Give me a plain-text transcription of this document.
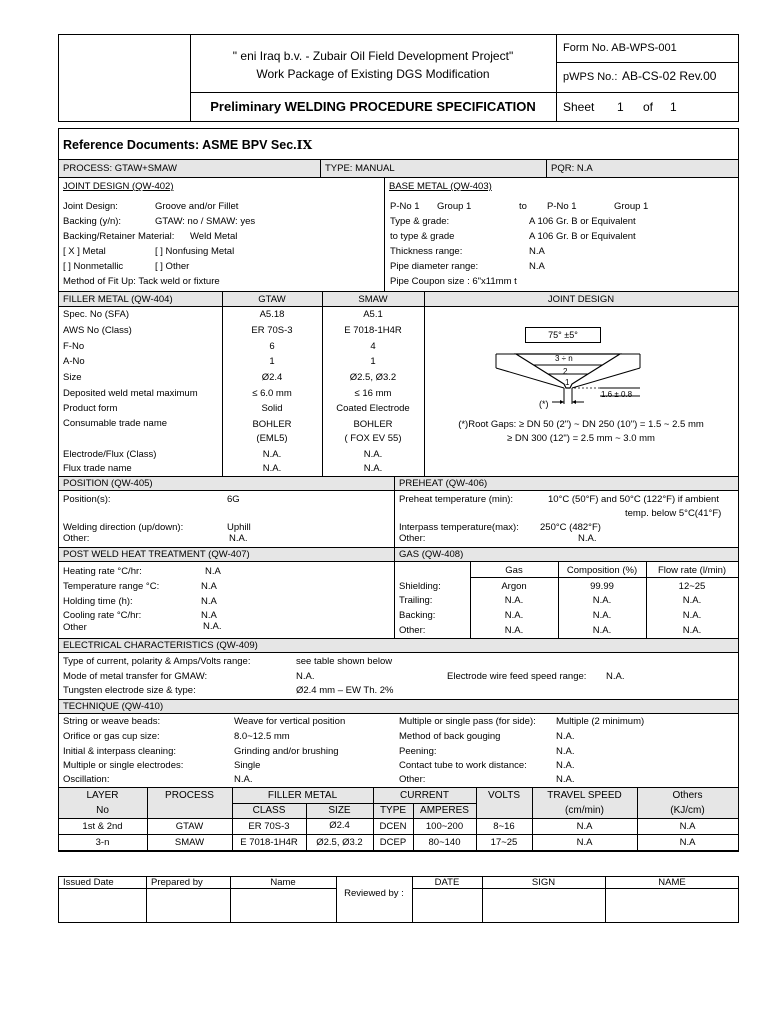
" eni Iraq b.v. - Zubair Oil Field Development Project"
Work Package of Existing DGS Modification
Preliminary WELDING PROCEDURE SPECIFICATION
Form No. AB-WPS-001
pWPS No.: AB-CS-02 Rev.00
Sheet 1 of 1
Reference Documents: ASME BPV Sec.IX
PROCESS: GTAW+SMAW	TYPE: MANUAL	PQR: N.A
JOINT DESIGN (QW-402)	BASE METAL (QW-403)
Joint Design:	Groove and/or Fillet
Backing (y/n):	GTAW: no / SMAW: yes
Backing/Retainer Material: Weld Metal
[ X ] Metal	[ ] Nonfusing Metal
[ ] Nonmetallic	[ ] Other
Method of Fit Up: Tack weld or fixture
P-No 1 Group 1	to P-No 1	Group 1
Type & grade:	A 106 Gr. B or Equivalent
to type & grade	A 106 Gr. B or Equivalent
Thickness range:	N.A
Pipe diameter range:	N.A
Pipe Coupon size : 6"x11mm t
FILLER METAL (QW-404)	GTAW	SMAW	JOINT DESIGN
Spec. No (SFA)	A5.18	A5.1
AWS No (Class)	ER 70S-3	E 7018-1H4R
F-No	6	4
A-No	1	1
Size	Ø2.4	Ø2.5, Ø3.2
Deposited weld metal maximum	≤ 6.0 mm	≤ 16 mm
Product form	Solid	Coated Electrode
Consumable trade name	BOHLER	BOHLER
(EML5)	( FOX EV 55)
Electrode/Flux (Class)	N.A.	N.A.
Flux trade name	N.A.	N.A.
75° ±5°
3 ÷ n
2
1
1.6 ± 0.8
(*)
(*)Root Gaps: ≥ DN 50 (2") ~ DN 250 (10") = 1.5 ~ 2.5 mm
≥ DN 300 (12") = 2.5 mm ~ 3.0 mm
POSITION (QW-405)	PREHEAT (QW-406)
Position(s):	6G
Welding direction (up/down):	Uphill
Other:	N.A.
Preheat temperature (min):	10°C (50°F) and 50°C (122°F) if ambient
temp. below 5°C(41°F)
Interpass temperature(max): 250°C (482°F)
Other:	N.A.
POST WELD HEAT TREATMENT (QW-407)	GAS (QW-408)
Heating rate °C/hr:	N.A
Temperature range °C:	N.A
Holding time (h):	N.A
Cooling rate °C/hr:	N.A
Other	N.A.
Gas	Composition (%)	Flow rate (l/min)
Shielding:	Argon	99.99	12~25
Trailing:	N.A.	N.A.	N.A.
Backing:	N.A.	N.A.	N.A.
Other:	N.A.	N.A.	N.A.
ELECTRICAL CHARACTERISTICS (QW-409)
Type of current, polarity & Amps/Volts range:	see table shown below
Mode of metal transfer for GMAW:	N.A.	Electrode wire feed speed range: N.A.
Tungsten electrode size & type:	Ø2.4 mm – EW Th. 2%
TECHNIQUE (QW-410)
String or weave beads:	Weave for vertical position
Orifice or gas cup size:	8.0~12.5 mm
Initial & interpass cleaning:	Grinding and/or brushing
Multiple or single electrodes:	Single
Oscillation:	N.A.
Multiple or single pass (for side): Multiple (2 minimum)
Method of back gouging	N.A.
Peening:	N.A.
Contact tube to work distance:	N.A.
Other:	N.A.
LAYER
No
PROCESS	FILLER METAL
CLASS	SIZE
CURRENT
TYPE	AMPERES
VOLTS	TRAVEL SPEED
(cm/min)
Others
(KJ/cm)
1st & 2nd	GTAW	ER 70S-3	Ø2.4	DCEN	100~200	8~16	N.A	N.A
3-n	SMAW	E 7018-1H4R	Ø2.5, Ø3.2	DCEP	80~140	17~25	N.A	N.A
Issued Date	Prepared by	Name
Reviewed by :
DATE	SIGN	NAME
